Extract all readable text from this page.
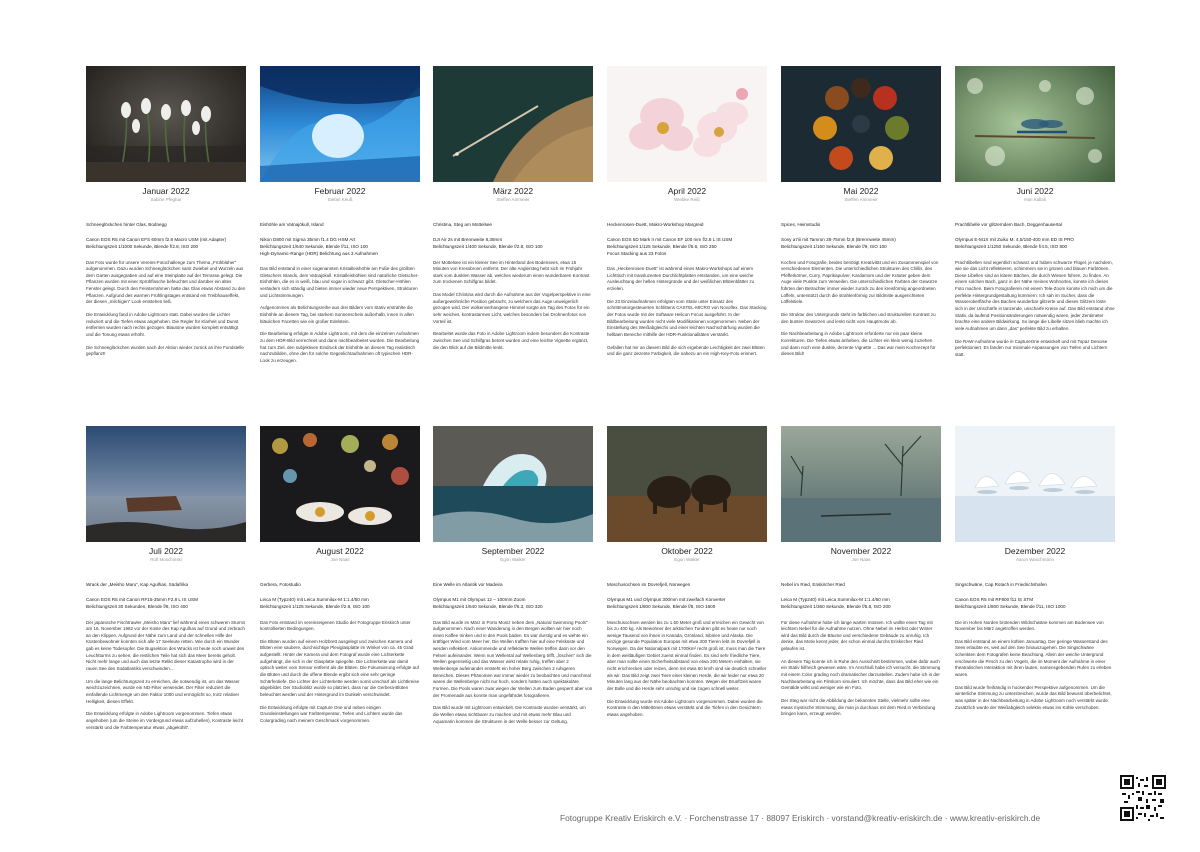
Januar 2022
Sabine Pfeghar
Schneeglöckchen hinter Glas, Bodnegg
Canon EOS R5 mit Canon EFS 60mm f2.8 Macro USM (mit Adapter)
Belichtungszeit 1/1000 Sekunde, Blende f/2.8, ISO 200

Das Foto wurde für unsere Vereins-Fotochallenge zum Thema „Frühblüher“ aufgenommen. Dazu wurden Schneeglöckchen samt Zwiebel und Wurzeln aus dem Garten ausgegraben und auf eine Steinplatte auf der Terrasse gelegt. Die Pflanzen wurden mit einer Sprühflasche befeuchtet und darüber ein altes Fenster gelegt. Durch den Fensterrahmen hatte das Glas etwas Abstand zu den Pflanzen. Aufgrund des warmen Frühlingstages entstand ein Treibhauseffekt, der diesen „milchigen“ Look entstehen ließ.

Die Entwicklung fand in Adobe Lightroom statt. Dabei wurden die Lichter reduziert und die Tiefen etwas angehoben. Die Regler für Klarheit und Dunst entfernen wurden nach rechts gezogen. Blautöne wurden komplett entsättigt und die Tonung etwas erhöht.

Die Schneeglöckchen wurden nach der Aktion wieder zurück an ihre Fundstelle gepflanzt!

Februar 2022
Stefan Keuß
Eishöhle am Vatnajökull, Island
Nikon D800 mit Sigma 35mm f1.4 DG HSM Art
Belichtungszeit 1/640 Sekunde, Blende f/11, ISO 100
High-Dynamic-Range (HDR) Belichtung aus 3 Aufnahmen

Das Bild entstand in einer sogenannten Kristalleishöhle am Fuße des größten Gletschers Islands, dem Vatnajökull. Kristalleishöhlen sind natürliche Gletscher-Eishöhlen, die es in weiß, blau und sogar in schwarz gibt. Gletscher-Höhlen verändern sich ständig und bieten immer wieder neue Perspektiven, Strukturen und Lichtstimmungen.

Aufgenommen als Belichtungsreihe aus drei Bildern vom Stativ erstrahlte die Eishöhle an diesem Tag, bei starkem Sonnenschein außerhalb, innen in allen bläulichen Facetten wie ein großer Edelstein.

Die Bearbeitung erfolgte in Adobe Lightroom, mit dem die einzelnen Aufnahmen zu dem HDR-Bild verrechnet und dann nachbearbeitet wurden. Die Bearbeitung hat zum Ziel, den subjektiven Eindruck der Eishöhle an diesem Tag realistisch nachzubilden, ohne den für solche Gegenlichtaufnahmen oft typischen HDR-Look zu erzeugen.

März 2022
Steffen Ammeier
Christina, Steg am Mottelsee
DJI Air 2s mit Brennweite 8,38mm
Belichtungszeit 1/400 Sekunde, Blende f/2.8, ISO 100

Der Mottelsee ist ein kleiner See im Hinterland des Bodensees, etwa 15 Minuten von Kressbronn entfernt. Der alte Anglersteg hebt sich im Frühjahr stark vom dunklen Wasser ab, welches wiederum einen wunderbaren Kontrast zum trockenen Schilfgras bildet.

Das Model Christina wird durch die Aufnahme aus der Vogelperspektive in eine außergewöhnliche Position gebracht, zu welchem das Auge unweigerlich gezogen wird. Der wolkenverhangene Himmel sorgte am Tag des Fotos für ein sehr weiches, kontrastarmes Licht, welches besonders bei Drohnenfotos von Vorteil ist.

Bearbeitet wurde das Foto in Adobe Lightroom indem besonders die Kontraste zwischen See und Schilfgras betont wurden und eine leichte Vignette ergänzt, die den Blick auf die Bildmitte lenkt.

April 2022
Wiebke Reiß
Heckenrosen-Duett, Makro-Workshop Margreid
Canon EOS 5D Mark II mit Canon EF 100 mm f/2.8 L IS USM
Belichtungszeit 1/125 Sekunde, Blende f/5.6, ISO 250
Focus Stacking aus 23 Fotos

Das „Heckenrosen-Duett“ ist während eines Makro-Workshops auf einem Lichttisch mit transluzenten Durchlichtplatten entstanden, um eine weiche Ausleuchtung der hellen Hintergründe und der weißlichen Blütenblätter zu erzielen.

Die 23 Einzelaufnahmen erfolgten vom Stativ unter Einsatz des schrittmotorgesteuerten Schlittens CASTEL-MICRO von Novoflex. Das Stacking der Fotos wurde mit der Software Helicon Focus ausgeführt. In der Bildbearbeitung wurden nicht viele Modifikationen vorgenommen. Neben der Einstellung des Weißabgleichs und einer leichten Nachschärfung wurden die helltaen Bereiche mithilfe der HDR-Funktionalitäten verstärkt.

Gefallen hat mir an diesem Bild die sich ergebende Leichtigkeit der zwei Blüten und die ganz dezente Farbigkeit, die nahezu an ein High-Key-Foto erinnert.

Mai 2022
Steffen Ammeier
Spices, Heimstudio
Sony a7iii mit Tamron 28-75mm f2,8 (Brennweite 45mm)
Belichtungszeit 1/160 Sekunde, Blende f/9, ISO 100

Kochen und Fotografie, beides benötigt Kreativität und ein Zusammenspiel von verschiedenen Elementen. Die unterschiedlichen Strukturen des Chillis, des Pfefferkörner, Curry, Paprikapulver, Kardamom und der Kräuter geben dem Auge viele Punkte zum Verweilen. Die unterschiedlichen Farbten der Gewürze führten den Betrachter immer wieder zurück zu den kreisförmig angeordneten Löffeln, unterstützt durch die strahlenförmig zur Bildmitte ausgerichteten Löffelstiele.

Die Struktur des Untergrunds steht im farblichen und strukturellen Kontrast zu den bunten Gewürzen und lenkt nicht vom Hauptmotiv ab.

Die Nachbearbeitung in Adobe Lightroom erforderte nur ein paar kleine Korrekturen. Die Tiefen etwas anheben, die Lichter ein klein wenig zuziehen und dann noch eine dunkle, dezente Vignette ... Das war mein Kochrezept für dieses Bild!

Juni 2022
Hari Kallali
Prachtlibelle vor glitzerndem Bach, Deggenhausertal
Olympus E-M1X mit Zuiko M. 4,5/150-400 mm ED IS PRO
Belichtungszeit 1/1250 Sekunde, Blende f/4.5, ISO 800

Prachtlibellen sind eigentlich schwarz und haben schwarze Flügel, je nachdem, wie sie das Licht reflektieren, schimmern sie in grünen und blauen Farbtönen. Diese Libellen sind an klaren Bächen, die durch Wiesen führen, zu finden. An einem solchen Bach, ganz in der Nähe meines Wohnortes, konnte ich dieses Foto machen. Beim Fotografieren mit einem Tele-Zoom konnte ich mich um die perfekte Hintergrundgestaltung kümmern: Ich sah im Sucher, dass die Wasseroberfläche des Baches wunderbar glitzerte und dieses Glitzern löste sich in der Unschärfe in tanzende, unscharfe Kreise auf. Das Bild entstand ohne Stativ, da laufend Positionsänderungen notwendig waren, jeder Zentimeter brachte eine andere Bildwirkung. So lange die Libelle sitzen blieb machte ich viele Aufnahmen um dann „das“ perfekte Bild zu erhalten.

Die RAW-Aufnahme wurde in CaptureOne entwickelt und mit Topaz Denoise perfektioniert. Es fanden nur minimale Anpassungen von Tiefen und Lichtern statt.

Juli 2022
Rolf Moschinski
Wrack der „Meisho Maru“, Kap Agulhas, Südafrika
Canon EOS R5 mit Canon RF15-35mm F2.8 L IS USM
Belichtungszeit 30 Sekunden, Blende f/8, ISO 400

Der japanische Fischtrawler „Meisho Maru“ lief während eines schweren Sturms am 16. November 1982 vor der Küste des Kap Agulhas auf Grund und zerbrach an den Klippen. Aufgrund der Nähe zum Land und der schnellen Hilfe der Küstenbewohner konnten sich alle 17 Seeleute retten. Wie durch ein Wunder gab es keine Todesopfer. Die Bugsektion des Wracks ist heute noch unweit des Leuchtturms zu sehen, die restlichen Teile hat sich das Meer bereits geholt. Nicht mehr lange und auch das letzte Relikt dieser Katastrophe wird in der rauen See des Südatlantiks verschwinden...

Um die lange Belichtungszeit zu erreichen, die notwendig ist, um das Wasser weichzuzeichnen, wurde ein ND-Filter verwendet. Der Filter reduziert die einfallende Lichtmenge um den Faktor 1000 und ermöglicht so, trotz relativer Helligkeit, diesen Effekt.

Die Entwicklung erfolgte in Adobe Lightroom vorgenommen. Tiefen etwas angehoben (um die Steine im Vordergrund etwas aufzuhellen), Kontraste leicht verstärkt und die Farbtemperatur etwas „abgekühlt“.

August 2022
Joe Naas
Gerbera, Fotostudio
Leica M (Typ240) mit Leica Summilux-M 1:1.4/50 mm
Belichtungszeit 1/125 Sekunde, Blende f/2.8, ISO 100

Das Foto entstand im vereinseigenen Studio der Fotogruppe Eriskirch unter kontrollierten Bedingungen.

Die Blüten wurden auf einem Holzbrett ausgelegt und zwischen Kamera und Blüten eine saubere, durchsichtige Plexiglasplatte im Winkel von ca. 45 Grad aufgestellt. Hinter der Kamera und dem Fotograf wurde eine Lichterkette aufgehängt, die sich in der Glasplatte spiegelte. Die Lichterkette war damit optisch weiter vom Sensor entfernt als die Blüten. Die Fokussierung erfolgte auf die Blüten und durch die offene Blende ergibt sich eine sehr geringe Schärfentiefe. Die Lichter der Lichterkette werden somit unscharf als Lichtkreise abgebildet. Der Studioblitz wurde so platziert, dass nur die Gerbera-Blüten beleuchtet werden und der Hintergrund im Dunkeln verschwindet.

Die Entwicklung erfolgte mit Capture One und neben einigen Grundeinstellungen war Farbtemperatur, Tiefen und Lichtern wurde das Colorgrading nach meinem Geschmack vorgenommen.

September 2022
Egon Walker
Eine Welle im Atlantik vor Madeira
Olympus M1 mit Olympus 12 – 100mm Zoom
Belichtungszeit 1/640 Sekunde, Blende f/6.3, ISO 320

Das Bild wurde im März in Porto Moniz neben dem „Natural Swimming Pools“ aufgenommen. Nach einer Wanderung in den Bergen wollten wir hier noch einen Kaffee trinken und in den Pools baden. Es war durstig und es wehte ein kräftiger Wind vom Meer her. Die Wellen trafften hier auf eine Felsküste und werden reflektiert. Ankommende und reflektierte Wellen treffen dann vor den Felsen aufeinander. Wenn nun Wellental auf Wellenberg trifft, „löschen“ sich die Wellen gegenseitig und das Wasser wirkt relativ ruhig, treffen aber 2 Wellenberge aufeinander entsteht ein hoher Berg zwischen 2 ruhigeren Bereichen. Dieses Phänomen war immer wieder zu beobachten und manchmal waren die Wellenberge nicht nur hoch, sondern hatten auch spektakuläre Formen. Die Pools waren zwar wegen der Wellen zum Baden gesperrt aber von der Promenade aus konnte man ungefährdet fotografieren.

Das Bild wurde mit Lightroom entwickelt. Die Kontraste wurden verstärkt, um die Wellen etwas sichtbarer zu machen und mit etwas mehr Blau und Aquamarin kommen die Strukturen in der Welle besser zur Geltung.

Oktober 2022
Egon Walker
Moschusochsen im Dovrefjell, Norwegen
Olympus M1 und Olympus 300mm mit zweifach Konverter
Belichtungszeit 1/800 Sekunde, Blende f/8, ISO 1600

Moschusochsen werden bis zu 1.50 Meter groß und erreichen ein Gewicht von bis zu 400 kg. Als Bewohner der arktischen Tundren gibt es heute nur noch wenige Tausend von ihnen in Kanada, Grönland, Sibirien und Alaska. Die einzige gesunde Population Europas mit etwa 300 Tieren lebt im Dovrefjell in Norwegen. Da der Nationalpark mit 1700km² recht groß ist, muss man die Tiere in dem weitläufigen Gebiet zuerst einmal finden. Es sind sehr friedliche Tiere, aber man sollte einen Sicherheitsabstand von etwa 200 Metern einhalten, sie nicht erschrecken oder reizen, denn mit etwa 60 km/h sind sie deutlich schneller als wir. Das Bild zeigt zwei Tiere einer kleinen Herde, die wir leider nur etwa 20 Minuten lang aus der Nähe beobachten konnten. Wegen der Brunftzeit waren der Bulle und die Herde sehr unruhig und sie zogen schnell weiter.

Die Entwicklung wurde mit Adobe Lightroom vorgenommen. Dabei wurden die Kontraste in den Mitteltönen etwas verstärkt und die Tiefen in den Gesichtern etwas angehoben.

November 2022
Joe Naas
Nebel im Ried, Eriskircher Ried
Leica M (Typ240) mit Leica Summilux-M 1:1.4/50 mm
Belichtungszeit 1/360 Sekunde, Blende f/5.6, ISO 200

Für diese Aufnahme habe ich lange warten müssen. Ich wollte einen Tag mit leichtem Nebel für die Aufnahme nutzen. Ohne Nebel im Herbst oder Winter wird das Bild durch die Bäume und verschiedene Gebäude zu unruhig. Ich denke, das Motiv kennt jeder, der schon einmal durchs Eriskircher Ried gelaufen ist.

An diesem Tag konnte ich in Ruhe den Ausschnitt bestimmen, wobei dafür auch ein Stativ hilfreich gewesen wäre. Im Anschluß habe ich versucht, die Stimmung mit einem Color grading noch dramatischer darzustellen. Zudem habe ich in der Nachbearbeitung ein Filmkorn simuliert. Ich möchte, dass das Bild eher wie ein Gemälde wirkt und weniger wie ein Foto.

Der Steg war nicht die Abbildung der bekannten Stelle, vielmehr sollte eine etwas mystische Stimmung, die man ja durchaus mit dem Ried in Verbindung bringen kann, erzeugt werden.

Dezember 2022
Aaron Waschmann
Singschwäne, Cap Rotach in Friedrichshafen
Canon EOS R5 mit RF800 f11 IS STM
Belichtungszeit 1/800 Sekunde, Blende f/11, ISO 1000

Die im Hohen Norden brütenden Wildschwäne kommen am Bodensee von November bis März angetroffen werden.

Das Bild entstand an einem kühlen Januartag. Der geringe Wasserstand des Sees erlaubte es, weit auf den See hinauszugehen. Die Singschwäne schenkten dem Fotografen keine Beachtung. Allein der weiche Untergrund erschwerte die Pirsch zu den Vögeln, die im Moment der Aufnahme in einer theatralischen Interaktion mit ihren lauten, namensgebenden Rufen zu erleben waren.

Das Bild wurde freihändig in hockender Perspektive aufgenommen. Um die winterliche Stimmung zu unterstreichen, wurde das Bild bewusst überbelichtet, was später in der Nachbearbeitung in Adobe Lightroom noch verstärkt wurde. Zusätzlich wurde der Weißabgleich selektiv etwas ins Kühle verschoben.

Fotogruppe Kreativ Eriskirch e.V. · Forchenstrasse 17 · 88097 Eriskirch · vorstand@kreativ-eriskirch.de · www.kreativ-eriskirch.de
